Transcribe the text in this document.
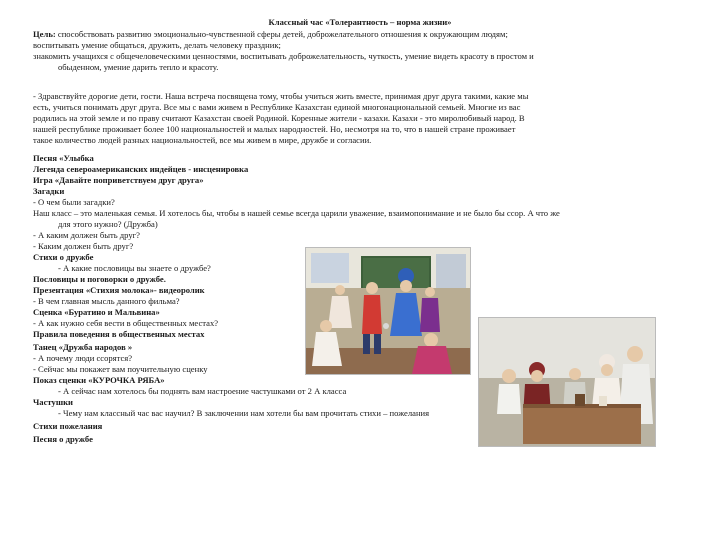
Классный час «Толерантность – норма жизни»
Цель: способствовать развитию эмоционально-чувственной сферы детей, доброжелательного отношения к окружающим людям;
воспитывать умение общаться, дружить, делать человеку праздник;
знакомить учащихся с общечеловеческими ценностями, воспитывать доброжелательность, чуткость, умение видеть красоту в простом и
обыденном, умение дарить тепло и красоту.
- Здравствуйте дорогие дети, гости. Наша встреча посвящена тому, чтобы учиться жить вместе, принимая друг друга такими, какие мы
есть, учиться понимать друг друга. Все мы с вами живем в Республике Казахстан единой многонациональной семьей. Многие из вас
родились на этой земле и по праву считают Казахстан своей Родиной. Коренные жители - казахи. Казахи - это миролюбивый народ. В
нашей республике проживает более 100 национальностей и малых народностей. Но, несмотря на то, что в нашей стране проживает
такое количество людей разных национальностей, все мы живем в мире, дружбе и согласии.
Песня «Улыбка
Легенда североамериканских индейцев - инсценировка
Игра «Давайте поприветствуем друг друга»
Загадки
- О чем были загадки?
Наш класс – это маленькая семья. И хотелось бы, чтобы в нашей семье всегда царили уважение, взаимопонимание и не было бы ссор. А что же
для этого нужно? (Дружба)
- А каким должен быть друг?
- Каким должен быть друг?
Стихи о дружбе
- А какие пословицы вы знаете о дружбе?
Пословицы и поговорки о дружбе.
Презентация «Стихия молока»- видеоролик
- В чем главная мысль данного фильма?
Сценка «Буратино и Мальвина»
- А как нужно себя вести в общественных местах?
Правила поведения в общественных местах
Танец «Дружба народов »
- А почему люди ссорятся?
- Сейчас мы покажет вам поучительную сценку
Показ сценки «КУРОЧКА РЯБА»
- А сейчас нам хотелось бы поднять вам настроение частушками от 2 А класса
Частушки
- Чему нам классный час вас научил? В заключении нам хотели бы вам прочитать стихи – пожелания
Стихи пожелания
Песня о дружбе
